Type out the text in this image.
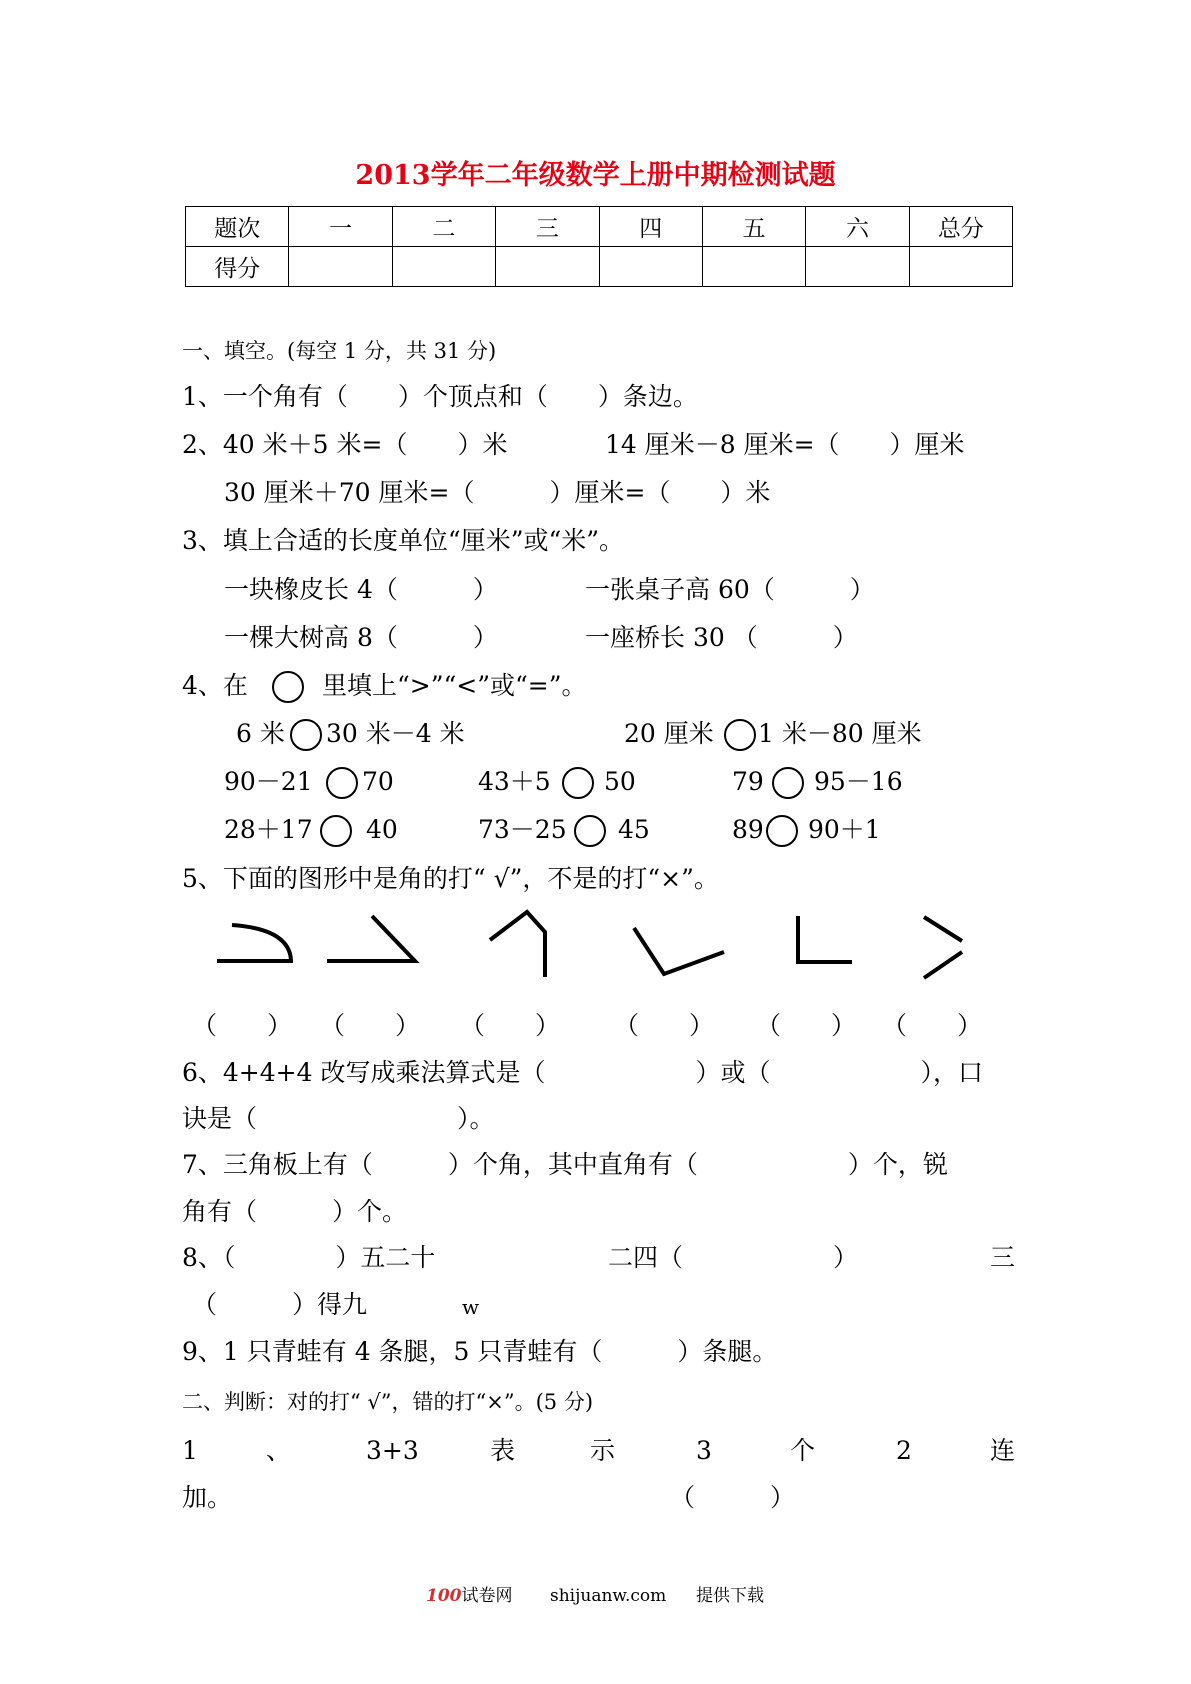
2013学年二年级数学上册中期检测试题
题次	一	二	三	四	五	六	总分
得分							
一、填空。(每空 1 分，共 31 分)
1、一个角有（　　）个顶点和（　　）条边。
2、40 米＋5 米=（　　）米	14 厘米－8 厘米=（　　）厘米
30 厘米＋70 厘米=（　　　）厘米=（　　）米
3、填上合适的长度单位“厘米”或“米”。
一块橡皮长 4（　　　）	一张桌子高 60（　　　）
一棵大树高 8（　　　）	一座桥长 30 （　　　）
4、在	里填上“>”“<”或“=”。
6 米 30 米－4 米	20 厘米 1 米－80 厘米
90－21 70	43＋5 50	79 95－16
28＋17 40	73－25 45	89 90＋1
5、下面的图形中是角的打“ √”，不是的打“×”。
（　　） （　　） （　　） （　　） （　　） （　　）
6、4+4+4 改写成乘法算式是（　　　　　　）或（　　　　　　），口
诀是（　　　　　　　　）。
7、三角板上有（　　　）个角，其中直角有（　　　　　　）个，锐
角有（　　　）个。
8、（　　　　）五二十	二四（　　　　　　）	三
（　　　）得九	w
9、1 只青蛙有 4 条腿，5 只青蛙有（　　　）条腿。
二、判断：对的打“ √”，错的打“×”。(5 分)
1	、	3+3	表	示	3	个	2	连
加。	（　　　）
100试卷网 shijuanw.com 提供下载
